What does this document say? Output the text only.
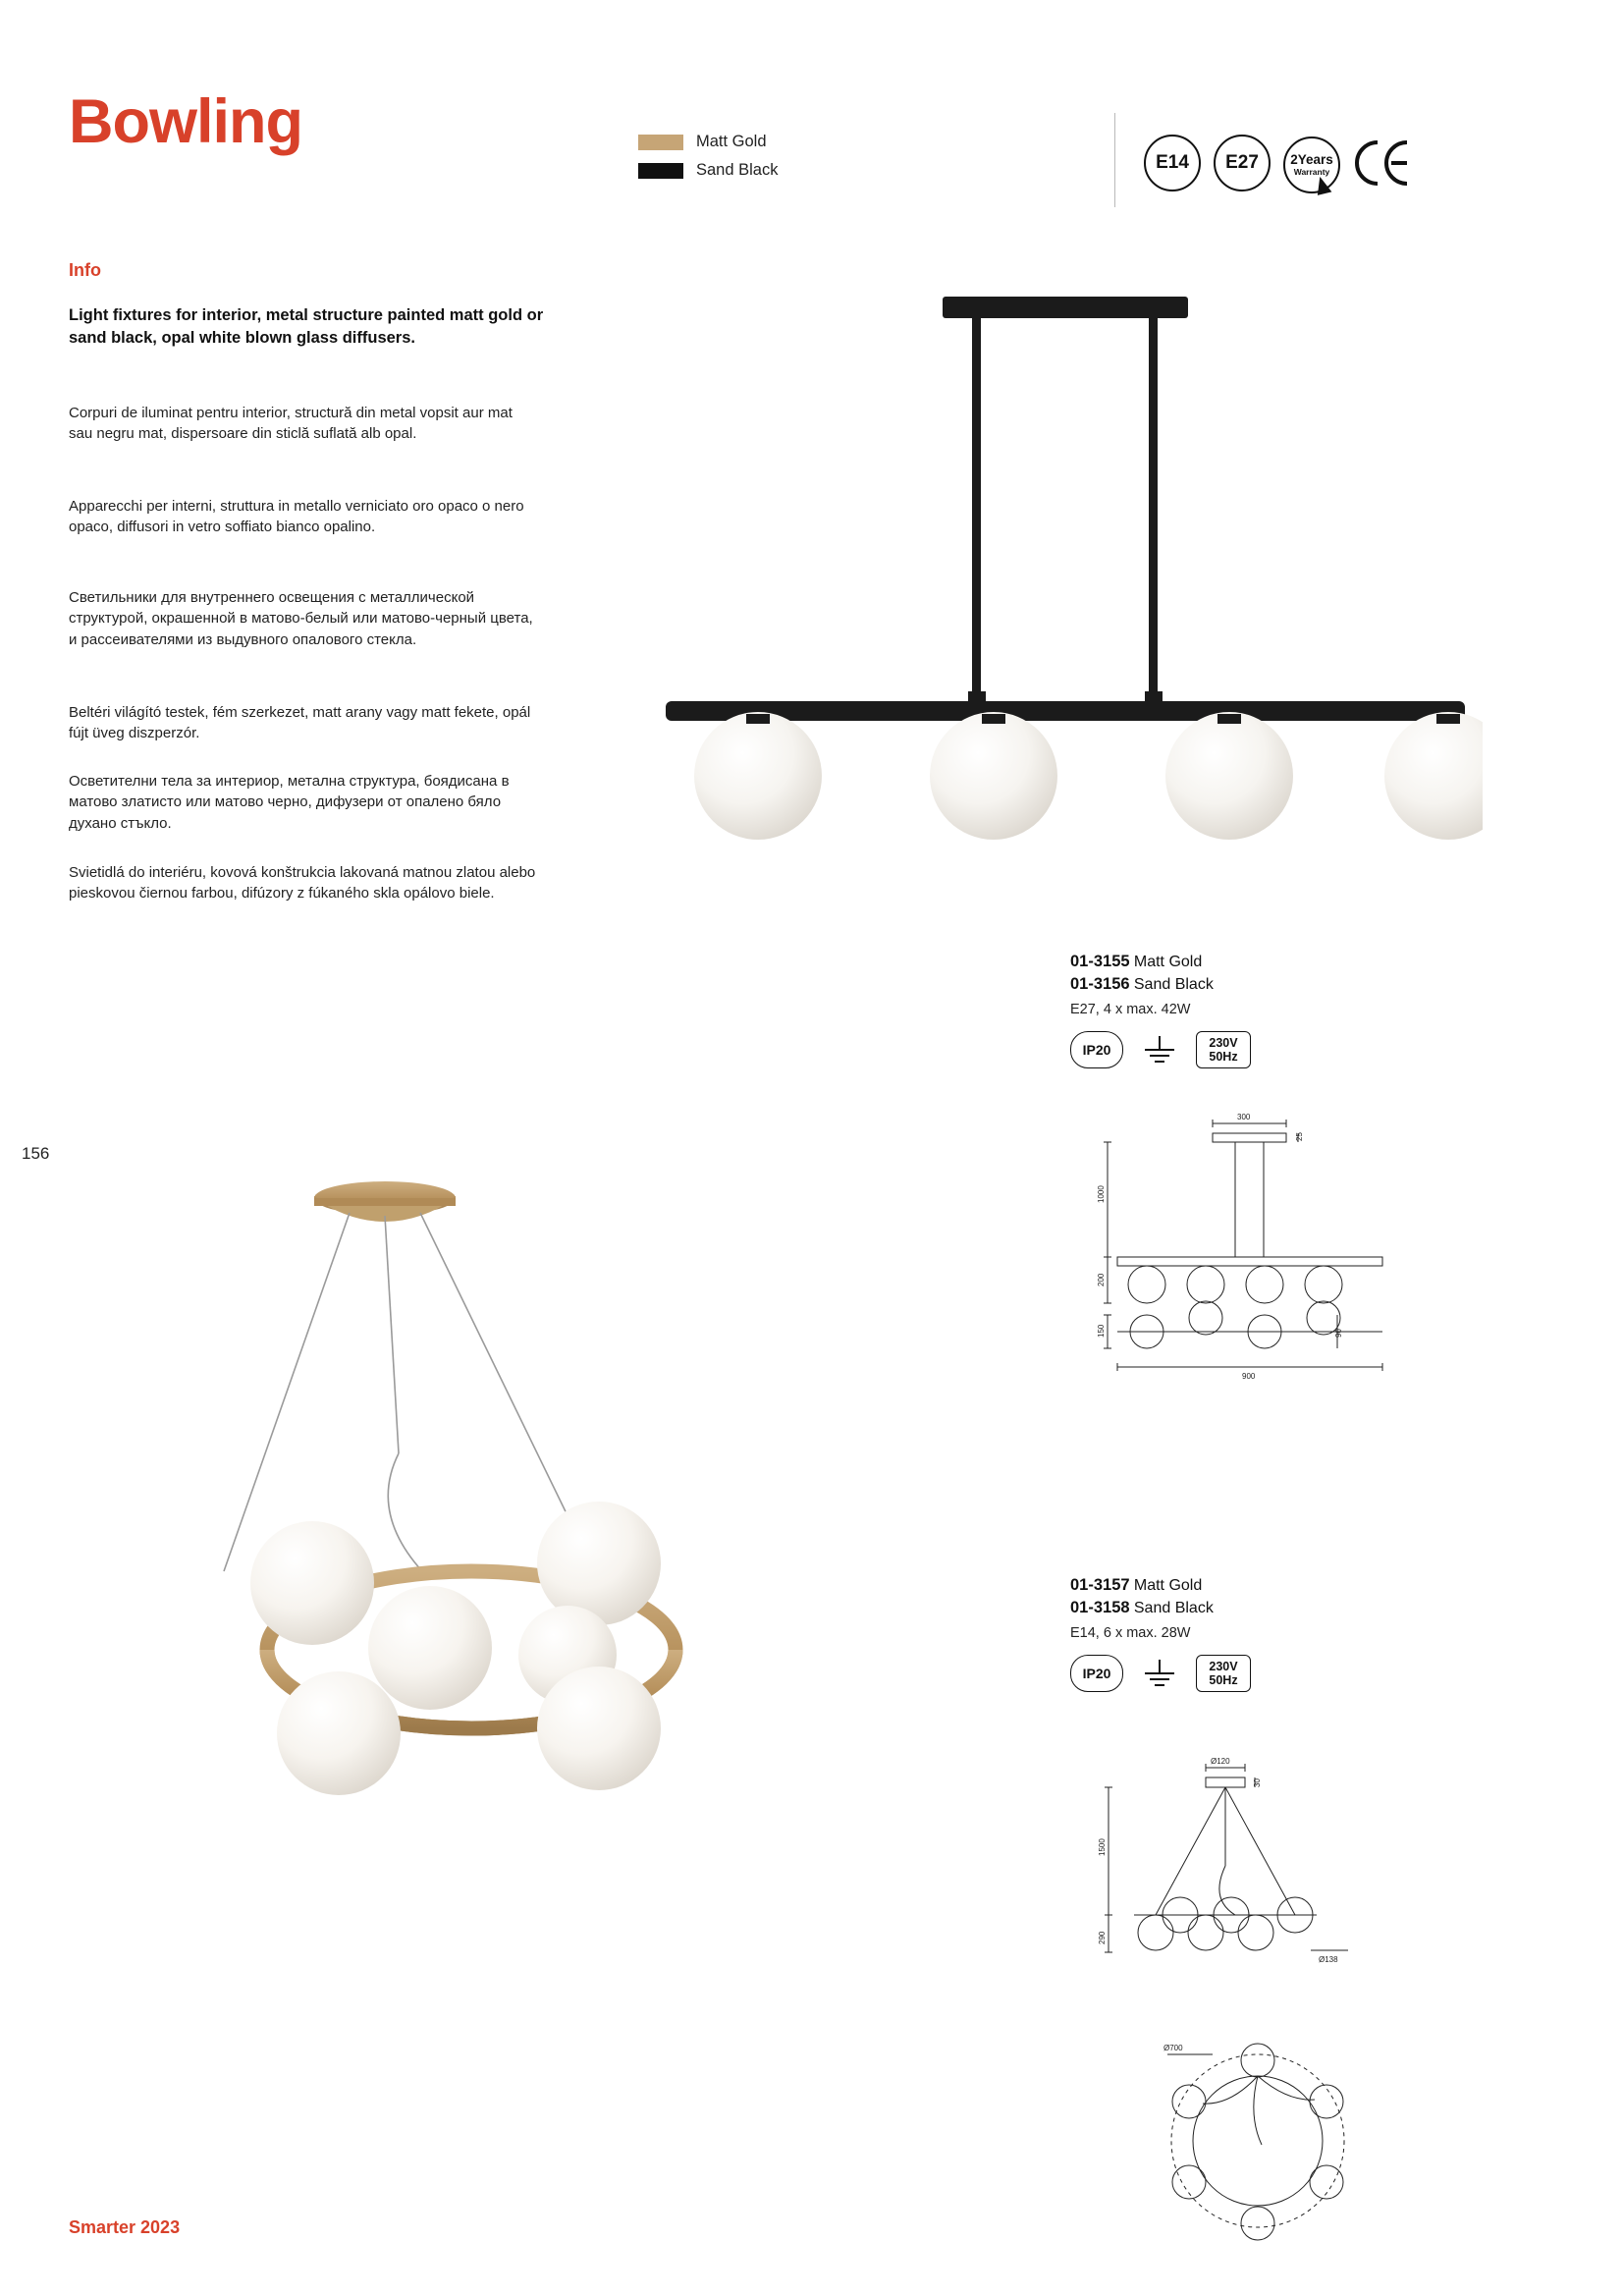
Bowling	Matt Gold
Sand Black	E14	E27	2Years
Warranty
Info
Light fixtures for interior, metal structure painted matt gold or sand black, opal white blown glass diffusers.
Corpuri de iluminat pentru interior, structură din metal vopsit aur mat sau negru mat, dispersoare din sticlă suflată alb opal.
Apparecchi per interni, struttura in metallo verniciato oro opaco o nero opaco, diffusori in vetro soffiato bianco opalino.
Светильники для внутреннего освещения с металлической структурой, окрашенной в матово-белый или матово-черный цвета, и рассеивателями из выдувного опалового стекла.
Beltéri világító testek, fém szerkezet, matt arany vagy matt fekete, opál fújt üveg diszperzór.
Осветителни тела за интериор, метална структура, боядисана в матово златисто или матово черно, дифузери от опалено бяло духано стъкло.
Svietidlá do interiéru, kovová konštrukcia lakovaná matnou zlatou alebo pieskovou čiernou farbou, difúzory z fúkaného skla opálovo biele.
156
Smarter 2023
01-3155 Matt Gold
01-3156 Sand Black
E27, 4 x max. 42W
IP20	230V
50Hz
300
25
1000
200
150	90
900
01-3157 Matt Gold
01-3158 Sand Black
E14, 6 x max. 28W
IP20	230V
50Hz
Ø120
30
1500
290
Ø138
Ø700
